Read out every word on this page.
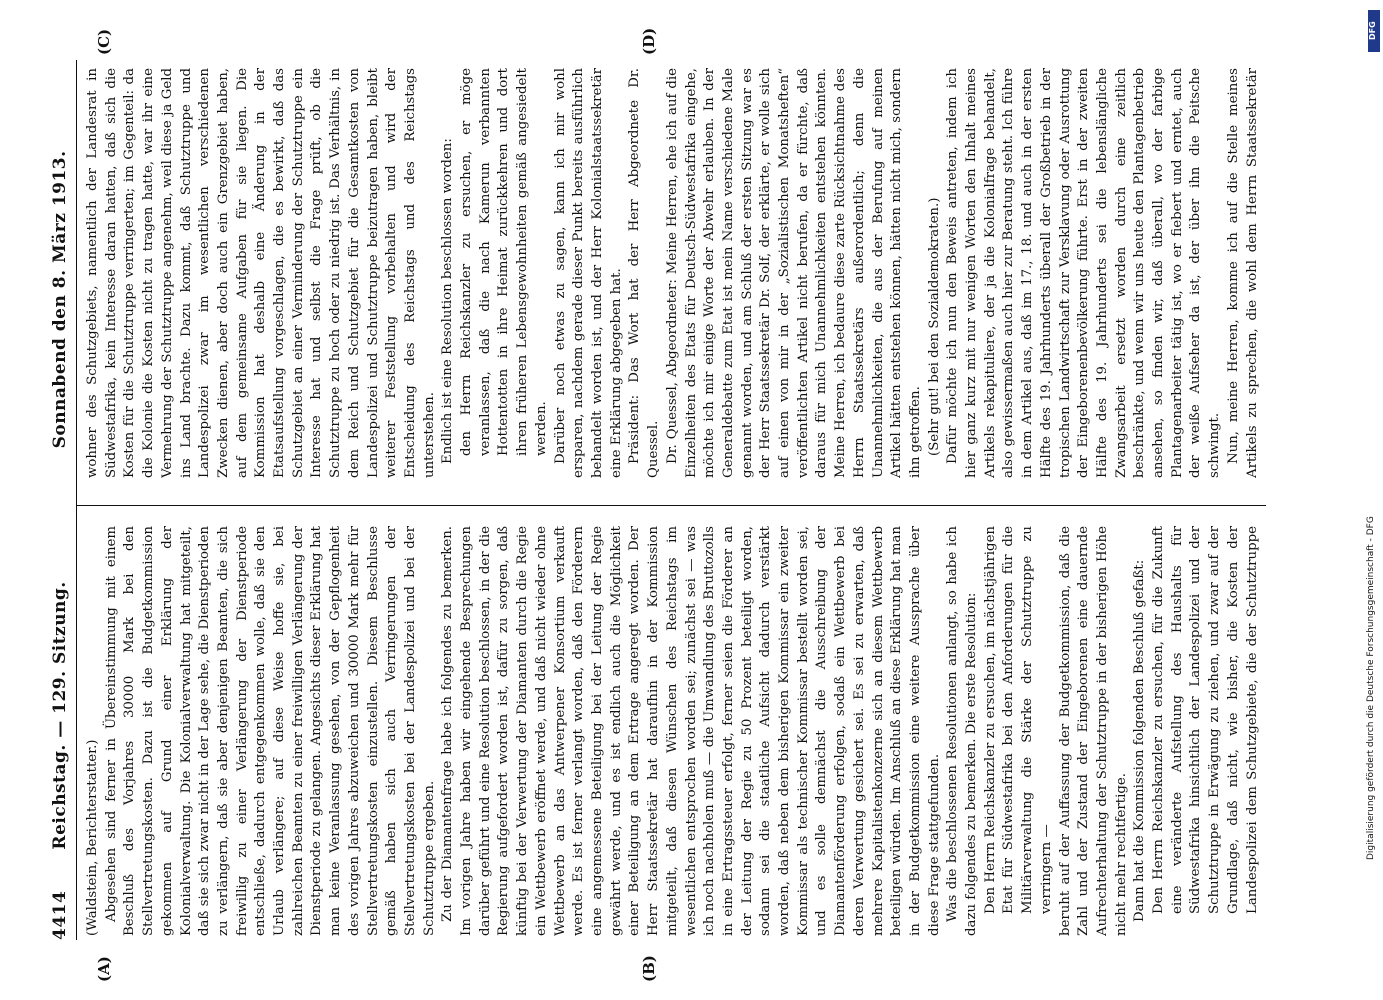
4414
Reichstag. — 129. Sitzung.  Sonnabend den 8. März 1913.
(A)	(B)
(C)	(D)

(Waldstein, Berichterstatter.) Abgesehen sind ferner in Übereinstimmung mit einem Beschluß des Vorjahres 30000 Mark bei den Stellvertretungskosten. Dazu ist die Budgetkommission gekommen auf Grund einer Erklärung der Kolonialverwaltung. Die Kolonialverwaltung hat mitgeteilt, daß sie sich zwar nicht in der Lage sehe, die Dienstperioden zu verlängern, daß sie aber denjenigen Beamten, die sich freiwillig zu einer Verlängerung der Dienstperiode entschließe, dadurch entgegenkommen wolle, daß sie den Urlaub verlängere; auf diese Weise hoffe sie, bei zahlreichen Beamten zu einer freiwilligen Verlängerung der Dienstperiode zu gelangen. Angesichts dieser Erklärung hat man keine Veranlassung gesehen, von der Gepflogenheit des vorigen Jahres abzuweichen und 30000 Mark mehr für Stellvertretungskosten einzustellen. Diesem Beschlusse gemäß haben sich auch Verringerungen der Stellvertretungskosten bei der Landespolizei und bei der Schutztruppe ergeben. Zu der Diamantenfrage habe ich folgendes zu bemerken. Im vorigen Jahre haben wir eingehende Besprechungen darüber geführt und eine Resolution beschlossen, in der die Regierung aufgefordert worden ist, dafür zu sorgen, daß künftig bei der Verwertung der Diamanten durch die Regie ein Wettbewerb eröffnet werde, und daß nicht wieder ohne Wettbewerb an das Antwerpener Konsortium verkauft werde. Es ist ferner verlangt worden, daß den Förderern eine angemessene Beteiligung bei der Leitung der Regie gewährt werde, und es ist endlich auch die Möglichkeit einer Beteiligung an dem Ertrage angeregt worden. Der Herr Staatssekretär hat daraufhin in der Kommission mitgeteilt, daß diesen Wünschen des Reichstags im wesentlichen entsprochen worden sei; zunächst sei — was ich noch nachholen muß — die Umwandlung des Bruttozolls in eine Ertragssteuer erfolgt, ferner seien die Förderer an der Leitung der Regie zu 50 Prozent beteiligt worden, sodann sei die staatliche Aufsicht dadurch verstärkt worden, daß neben dem bisherigen Kommissar ein zweiter Kommissar als technischer Kommissar bestellt worden sei, und es solle demnächst die Ausschreibung der Diamantenförderung erfolgen, sodaß ein Wettbewerb bei deren Verwertung gesichert sei. Es sei zu erwarten, daß mehrere Kapitalistenkonzerne sich an diesem Wettbewerb beteiligen würden. Im Anschluß an diese Erklärung hat man in der Budgetkommission eine weitere Aussprache über diese Frage stattgefunden. Was die beschlossenen Resolutionen anlangt, so habe ich dazu folgendes zu bemerken. Die erste Resolution: Den Herrn Reichskanzler zu ersuchen, im nächstjährigen Etat für Südwestafrika bei den Anforderungen für die Militärverwaltung die Stärke der Schutztruppe zu verringern — beruht auf der Auffassung der Budgetkommission, daß die Zahl und der Zustand der Eingeborenen eine dauernde Aufrechterhaltung der Schutztruppe in der bisherigen Höhe nicht mehr rechtfertige. Dann hat die Kommission folgenden Beschluß gefaßt: Den Herrn Reichskanzler zu ersuchen, für die Zukunft eine veränderte Aufstellung des Haushalts für Südwestafrika hinsichtlich der Landespolizei und der Schutztruppe in Erwägung zu ziehen, und zwar auf der Grundlage, daß nicht, wie bisher, die Kosten der Landespolizei dem Schutzgebiete, die der Schutztruppe

wohner des Schutzgebiets, namentlich der Landesrat in Südwestafrika, kein Interesse daran hatten, daß sich die Kosten für die Schutztruppe verringerten; im Gegenteil: da die Kolonie die Kosten nicht zu tragen hatte, war ihr eine Vermehrung der Schutztruppe angenehm, weil diese ja Geld ins Land brachte. Dazu kommt, daß Schutztruppe und Landespolizei zwar im wesentlichen verschiedenen Zwecken dienen, aber doch auch ein Grenzgebiet haben, auf dem gemeinsame Aufgaben für sie liegen. Die Kommission hat deshalb eine Änderung in der Etatsaufstellung vorgeschlagen, die es bewirkt, daß das Schutzgebiet an einer Verminderung der Schutztruppe ein Interesse hat und selbst die Frage prüft, ob die Schutztruppe zu hoch oder zu niedrig ist. Das Verhältnis, in dem Reich und Schutzgebiet für die Gesamtkosten von Landespolizei und Schutztruppe beizutragen haben, bleibt weiterer Feststellung vorbehalten und wird der Entscheidung des Reichstags und des Reichstags unterstehen. Endlich ist eine Resolution beschlossen worden: den Herrn Reichskanzler zu ersuchen, er möge veranlassen, daß die nach Kamerun verbannten Hottentotten in ihre Heimat zurückkehren und dort ihren früheren Lebensgewohnheiten gemäß angesiedelt werden. Darüber noch etwas zu sagen, kann ich mir wohl ersparen, nachdem gerade dieser Punkt bereits ausführlich behandelt worden ist, und der Herr Kolonialstaatssekretär eine Erklärung abgegeben hat. Präsident: Das Wort hat der Herr Abgeordnete Dr. Quessel. Dr. Quessel, Abgeordneter: Meine Herren, ehe ich auf die Einzelheiten des Etats für Deutsch-Südwestafrika eingehe, möchte ich mir einige Worte der Abwehr erlauben. In der Generaldebatte zum Etat ist mein Name verschiedene Male genannt worden, und am Schluß der ersten Sitzung war es der Herr Staatssekretär Dr. Solf, der erklärte, er wolle sich auf einen von mir in der „Sozialistischen Monatsheften“ veröffentlichten Artikel nicht berufen, da er fürchte, daß daraus für mich Unannehmlichkeiten entstehen könnten. Meine Herren, ich bedaure diese zarte Rücksichtnahme des Herrn Staatssekretärs außerordentlich; denn die Unannehmlichkeiten, die aus der Berufung auf meinen Artikel hätten entstehen können, hätten nicht mich, sondern ihn getroffen. (Sehr gut! bei den Sozialdemokraten.) Dafür möchte ich nun den Beweis antreten, indem ich hier ganz kurz mit nur wenigen Worten den Inhalt meines Artikels rekapituliere, der ja die Kolonialfrage behandelt, also gewissermaßen auch hier zur Beratung steht. Ich führe in dem Artikel aus, daß im 17., 18. und auch in der ersten Hälfte des 19. Jahrhunderts überall der Großbetrieb in der tropischen Landwirtschaft zur Versklavung oder Ausrottung der Eingeborenenbevölkerung führte. Erst in der zweiten Hälfte des 19. Jahrhunderts sei die lebenslängliche Zwangsarbeit ersetzt worden durch eine zeitlich beschränkte, und wenn wir uns heute den Plantagenbetrieb ansehen, so finden wir, daß überall, wo der farbige Plantagenarbeiter tätig ist, wo er fiebert und erntet, auch der weiße Aufseher da ist, der über ihn die Peitsche schwingt. Nun, meine Herren, komme ich auf die Stelle meines Artikels zu sprechen, die wohl dem Herrn Staatssekretär

DFG
Digitalisierung gefördert durch die Deutsche Forschungsgemeinschaft - DFG
